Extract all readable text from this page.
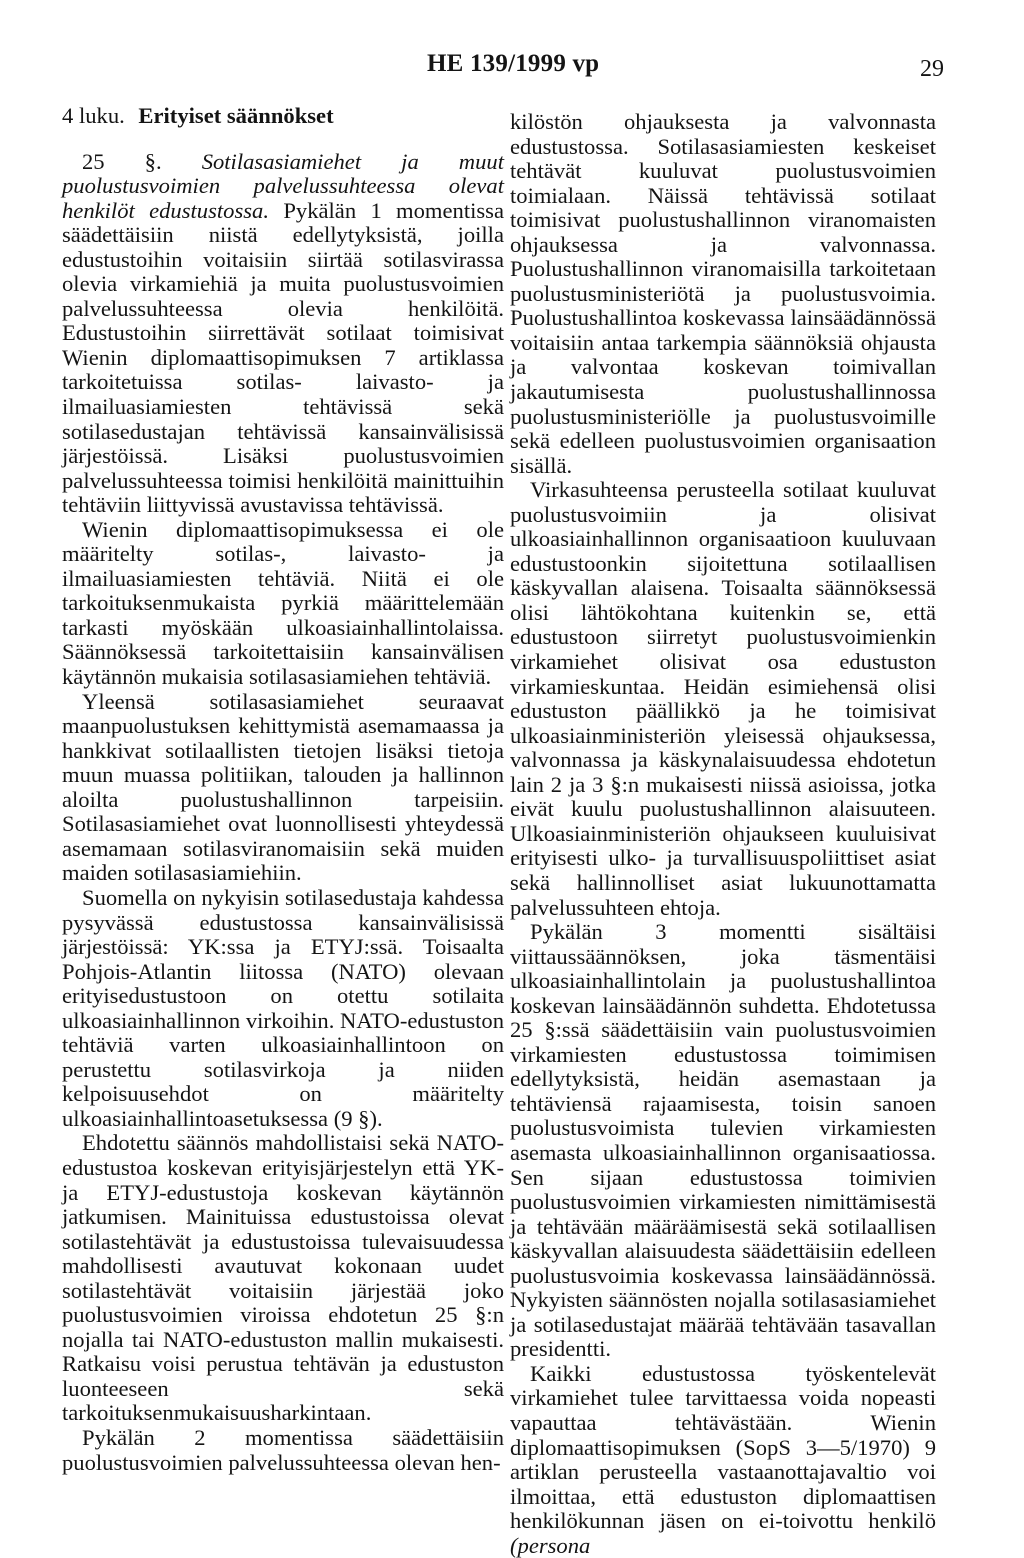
HE 139/1999 vp	29
4 luku. Erityiset säännökset

25 §. Sotilasasiamiehet ja muut puolustusvoimien palvelussuhteessa olevat henkilöt edustustossa. Pykälän 1 momentissa säädettäisiin niistä edellytyksistä, joilla edustustoihin voitaisiin siirtää sotilasvirassa olevia virkamiehiä ja muita puolustusvoimien palvelussuhteessa olevia henkilöitä. Edustustoihin siirrettävät sotilaat toimisivat Wienin diplomaattisopimuksen 7 artiklassa tarkoitetuissa sotilas- laivasto- ja ilmailuasiamiesten tehtävissä sekä sotilasedustajan tehtävissä kansainvälisissä järjestöissä. Lisäksi puolustusvoimien palvelussuhteessa toimisi henkilöitä mainittuihin tehtäviin liittyvissä avustavissa tehtävissä.

Wienin diplomaattisopimuksessa ei ole määritelty sotilas-, laivasto- ja ilmailuasiamiesten tehtäviä. Niitä ei ole tarkoituksenmukaista pyrkiä määrittelemään tarkasti myöskään ulkoasiainhallintolaissa. Säännöksessä tarkoitettaisiin kansainvälisen käytännön mukaisia sotilasasiamiehen tehtäviä.

Yleensä sotilasasiamiehet seuraavat maanpuolustuksen kehittymistä asemamaassa ja hankkivat sotilaallisten tietojen lisäksi tietoja muun muassa politiikan, talouden ja hallinnon aloilta puolustushallinnon tarpeisiin. Sotilasasiamiehet ovat luonnollisesti yhteydessä asemamaan sotilasviranomaisiin sekä muiden maiden sotilasasiamiehiin.

Suomella on nykyisin sotilasedustaja kahdessa pysyvässä edustustossa kansainvälisissä järjestöissä: YK:ssa ja ETYJ:ssä. Toisaalta Pohjois-Atlantin liitossa (NATO) olevaan erityisedustustoon on otettu sotilaita ulkoasiainhallinnon virkoihin. NATO-edustuston tehtäviä varten ulkoasiainhallintoon on perustettu sotilasvirkoja ja niiden kelpoisuusehdot on määritelty ulkoasiainhallintoasetuksessa (9 §).

Ehdotettu säännös mahdollistaisi sekä NATO-edustustoa koskevan erityisjärjestelyn että YK- ja ETYJ-edustustoja koskevan käytännön jatkumisen. Mainituissa edustustoissa olevat sotilastehtävät ja edustustoissa tulevaisuudessa mahdollisesti avautuvat kokonaan uudet sotilastehtävät voitaisiin järjestää joko puolustusvoimien viroissa ehdotetun 25 §:n nojalla tai NATO-edustuston mallin mukaisesti. Ratkaisu voisi perustua tehtävän ja edustuston luonteeseen sekä tarkoituksenmukaisuusharkintaan.

Pykälän 2 momentissa säädettäisiin puolustusvoimien palvelussuhteessa olevan hen-

kilöstön ohjauksesta ja valvonnasta edustustossa. Sotilasasiamiesten keskeiset tehtävät kuuluvat puolustusvoimien toimialaan. Näissä tehtävissä sotilaat toimisivat puolustushallinnon viranomaisten ohjauksessa ja valvonnassa. Puolustushallinnon viranomaisilla tarkoitetaan puolustusministeriötä ja puolustusvoimia. Puolustushallintoa koskevassa lainsäädännössä voitaisiin antaa tarkempia säännöksiä ohjausta ja valvontaa koskevan toimivallan jakautumisesta puolustushallinnossa puolustusministeriölle ja puolustusvoimille sekä edelleen puolustusvoimien organisaation sisällä.

Virkasuhteensa perusteella sotilaat kuuluvat puolustusvoimiin ja olisivat ulkoasiainhallinnon organisaatioon kuuluvaan edustustoonkin sijoitettuna sotilaallisen käskyvallan alaisena. Toisaalta säännöksessä olisi lähtökohtana kuitenkin se, että edustustoon siirretyt puolustusvoimienkin virkamiehet olisivat osa edustuston virkamieskuntaa. Heidän esimiehensä olisi edustuston päällikkö ja he toimisivat ulkoasiainministeriön yleisessä ohjauksessa, valvonnassa ja käskynalaisuudessa ehdotetun lain 2 ja 3 §:n mukaisesti niissä asioissa, jotka eivät kuulu puolustushallinnon alaisuuteen. Ulkoasiainministeriön ohjaukseen kuuluisivat erityisesti ulko- ja turvallisuuspoliittiset asiat sekä hallinnolliset asiat lukuunottamatta palvelussuhteen ehtoja.

Pykälän 3 momentti sisältäisi viittaussäännöksen, joka täsmentäisi ulkoasiainhallintolain ja puolustushallintoa koskevan lainsäädännön suhdetta. Ehdotetussa 25 §:ssä säädettäisiin vain puolustusvoimien virkamiesten edustustossa toimimisen edellytyksistä, heidän asemastaan ja tehtäviensä rajaamisesta, toisin sanoen puolustusvoimista tulevien virkamiesten asemasta ulkoasiainhallinnon organisaatiossa. Sen sijaan edustustossa toimivien puolustusvoimien virkamiesten nimittämisestä ja tehtävään määräämisestä sekä sotilaallisen käskyvallan alaisuudesta säädettäisiin edelleen puolustusvoimia koskevassa lainsäädännössä. Nykyisten säännösten nojalla sotilasasiamiehet ja sotilasedustajat määrää tehtävään tasavallan presidentti.

Kaikki edustustossa työskentelevät virkamiehet tulee tarvittaessa voida nopeasti vapauttaa tehtävästään. Wienin diplomaattisopimuksen (SopS 3—5/1970) 9 artiklan perusteella vastaanottajavaltio voi ilmoittaa, että edustuston diplomaattisen henkilökunnan jäsen on ei-toivottu henkilö (persona
